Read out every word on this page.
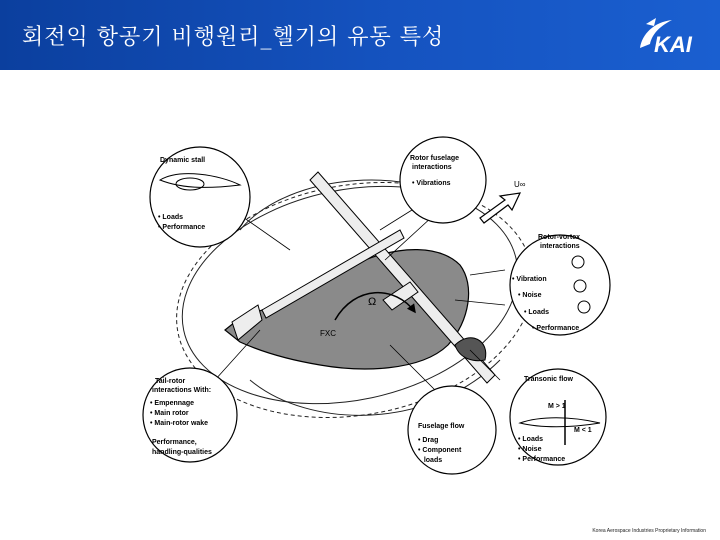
회전익 항공기 비행원리_헬기의 유동 특성	KAI
Ω
FXC
U∞
Dynamic stall
• Loads
• Performance
Rotor fuselage
interactions
• Vibrations
Rotor-vortex
interactions
• Vibration
• Noise
• Loads
• Performance
Transonic flow
M > 1
M < 1
• Loads
• Noise
• Performance
Fuselage flow
• Drag
• Component
loads
Tail-rotor
interactions With:
• Empennage
• Main rotor
• Main-rotor wake
Performance,
handling-qualities
Korea Aerospace Industries Proprietary Information
